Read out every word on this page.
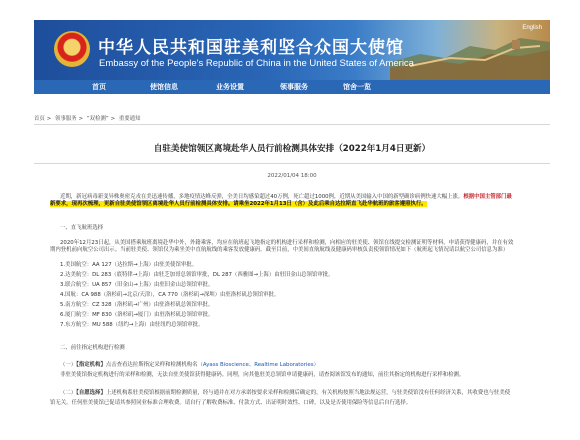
中华人民共和国驻美利坚合众国大使馆
Embassy of the People's Republic of China in the United States of America
English
首页	使馆信息	业务设置	领事服务	馆舍一览
首页 > 领事服务 > “双检测” > 重要通知
自驻美使馆领区离境赴华人员行前检测具体安排（2022年1月4日更新）
2022/01/04 18:00
近期，新冠病毒新变异株奥密克戎在美迅速传播，多地疫情达峰反弹，全美日均感染超过40万例，死亡超过1000例，近期从美国输入中国的新型确诊病例快速大幅上涨。根据中国主管部门最
新要求，现再次梳理，更新自驻美使馆领区离境赴华人员行前检测具体安排。请乘坐2022年1月13日（含）及此后乘自达拉斯直飞赴华航班的旅客遵照执行。
一、直飞航班选择
2020年12月23日起，从美国搭乘航班离境赴华中外，外籍乘客，均应在航班起飞地指定的机构进行采样和检测，向相应的驻美使、领馆在线提交检测证明等材料，申请获得健康码，并在有效
期内登机前向航空公司出示。当前驻美使、领馆仅为乘坐美中直航航线的乘客发放健康码。截至目前，中美间直航航线及健康码审核负责使领馆情况如下（航班起飞情况请以航空公司信息为准）
1.美国航空：AA 127（达拉斯→上海）由驻美使馆审批。
2.达美航空：DL 283（底特律→上海）由驻芝加哥总领馆审批，DL 287（西雅图→上海）由驻旧金山总领馆审批。
3.联合航空：UA 857（旧金山→上海）由驻旧金山总领馆审批。
4.国航：CA 988（洛杉矶→北京/天津），CA 770（洛杉矶→深圳）由驻洛杉矶总领馆审批。
5.南方航空：CZ 328（洛杉矶→广州）由驻洛杉矶总领馆审批。
6.厦门航空：MF 830（洛杉矶→厦门）由驻洛杉矶总领馆审批。
7.东方航空：MU 588（纽约→上海）由驻纽约总领馆审批。
二、前往指定机构进行检测
（一）【指定机构】点击查看达拉斯指定采样和检测机构名（Ayass Bioscience、Realtime Laboratories）
非驻美使馆指定机构进行的采样和检测，无法自驻美使馆获得健康码。同理，向其他驻美总领馆申请健康码，请查阅该馆发布的通知，前往其指定的机构进行采样和检测。
（二）【自愿选择】上述机构系驻美使馆根据前期检测质量，经与通并在对方承诺按要求采样和检测后确定的，有关机构按照当地法规运营，与驻美使馆没有任何经济关系，其收费也与驻美使
馆无关。任何驻美使馆已促请其参照同业标准合理收费。请自行了解收费标准、付款方式、出证明时效性、口碑，以及是否使用保险等信息后自行选择。
